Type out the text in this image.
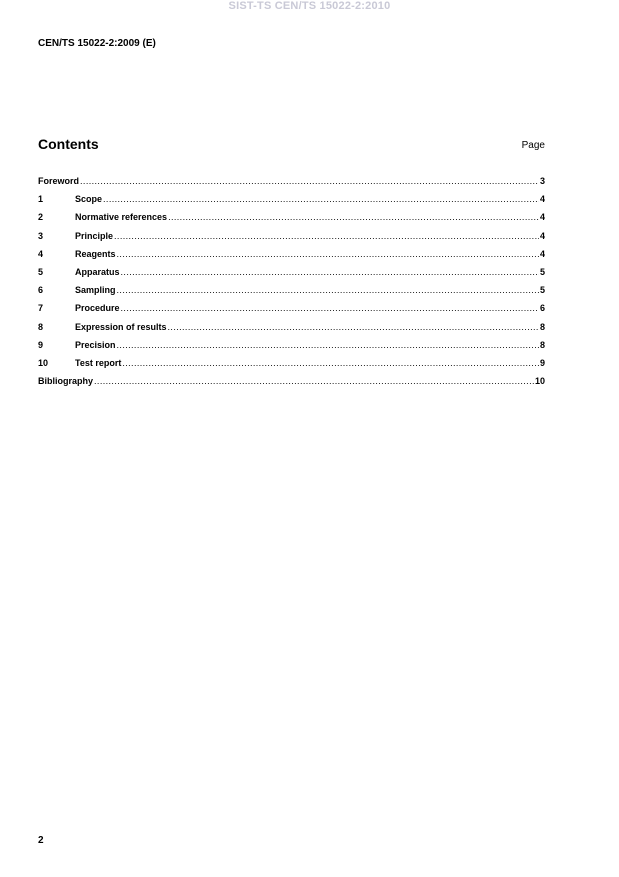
SIST-TS CEN/TS 15022-2:2010
CEN/TS 15022-2:2009 (E)
Contents	Page
Foreword .....	3
1	Scope .....	4
2	Normative references .....	4
3	Principle .....	4
4	Reagents .....	4
5	Apparatus .....	5
6	Sampling .....	5
7	Procedure .....	6
8	Expression of results .....	8
9	Precision .....	8
10	Test report .....	9
Bibliography .....	10
2
